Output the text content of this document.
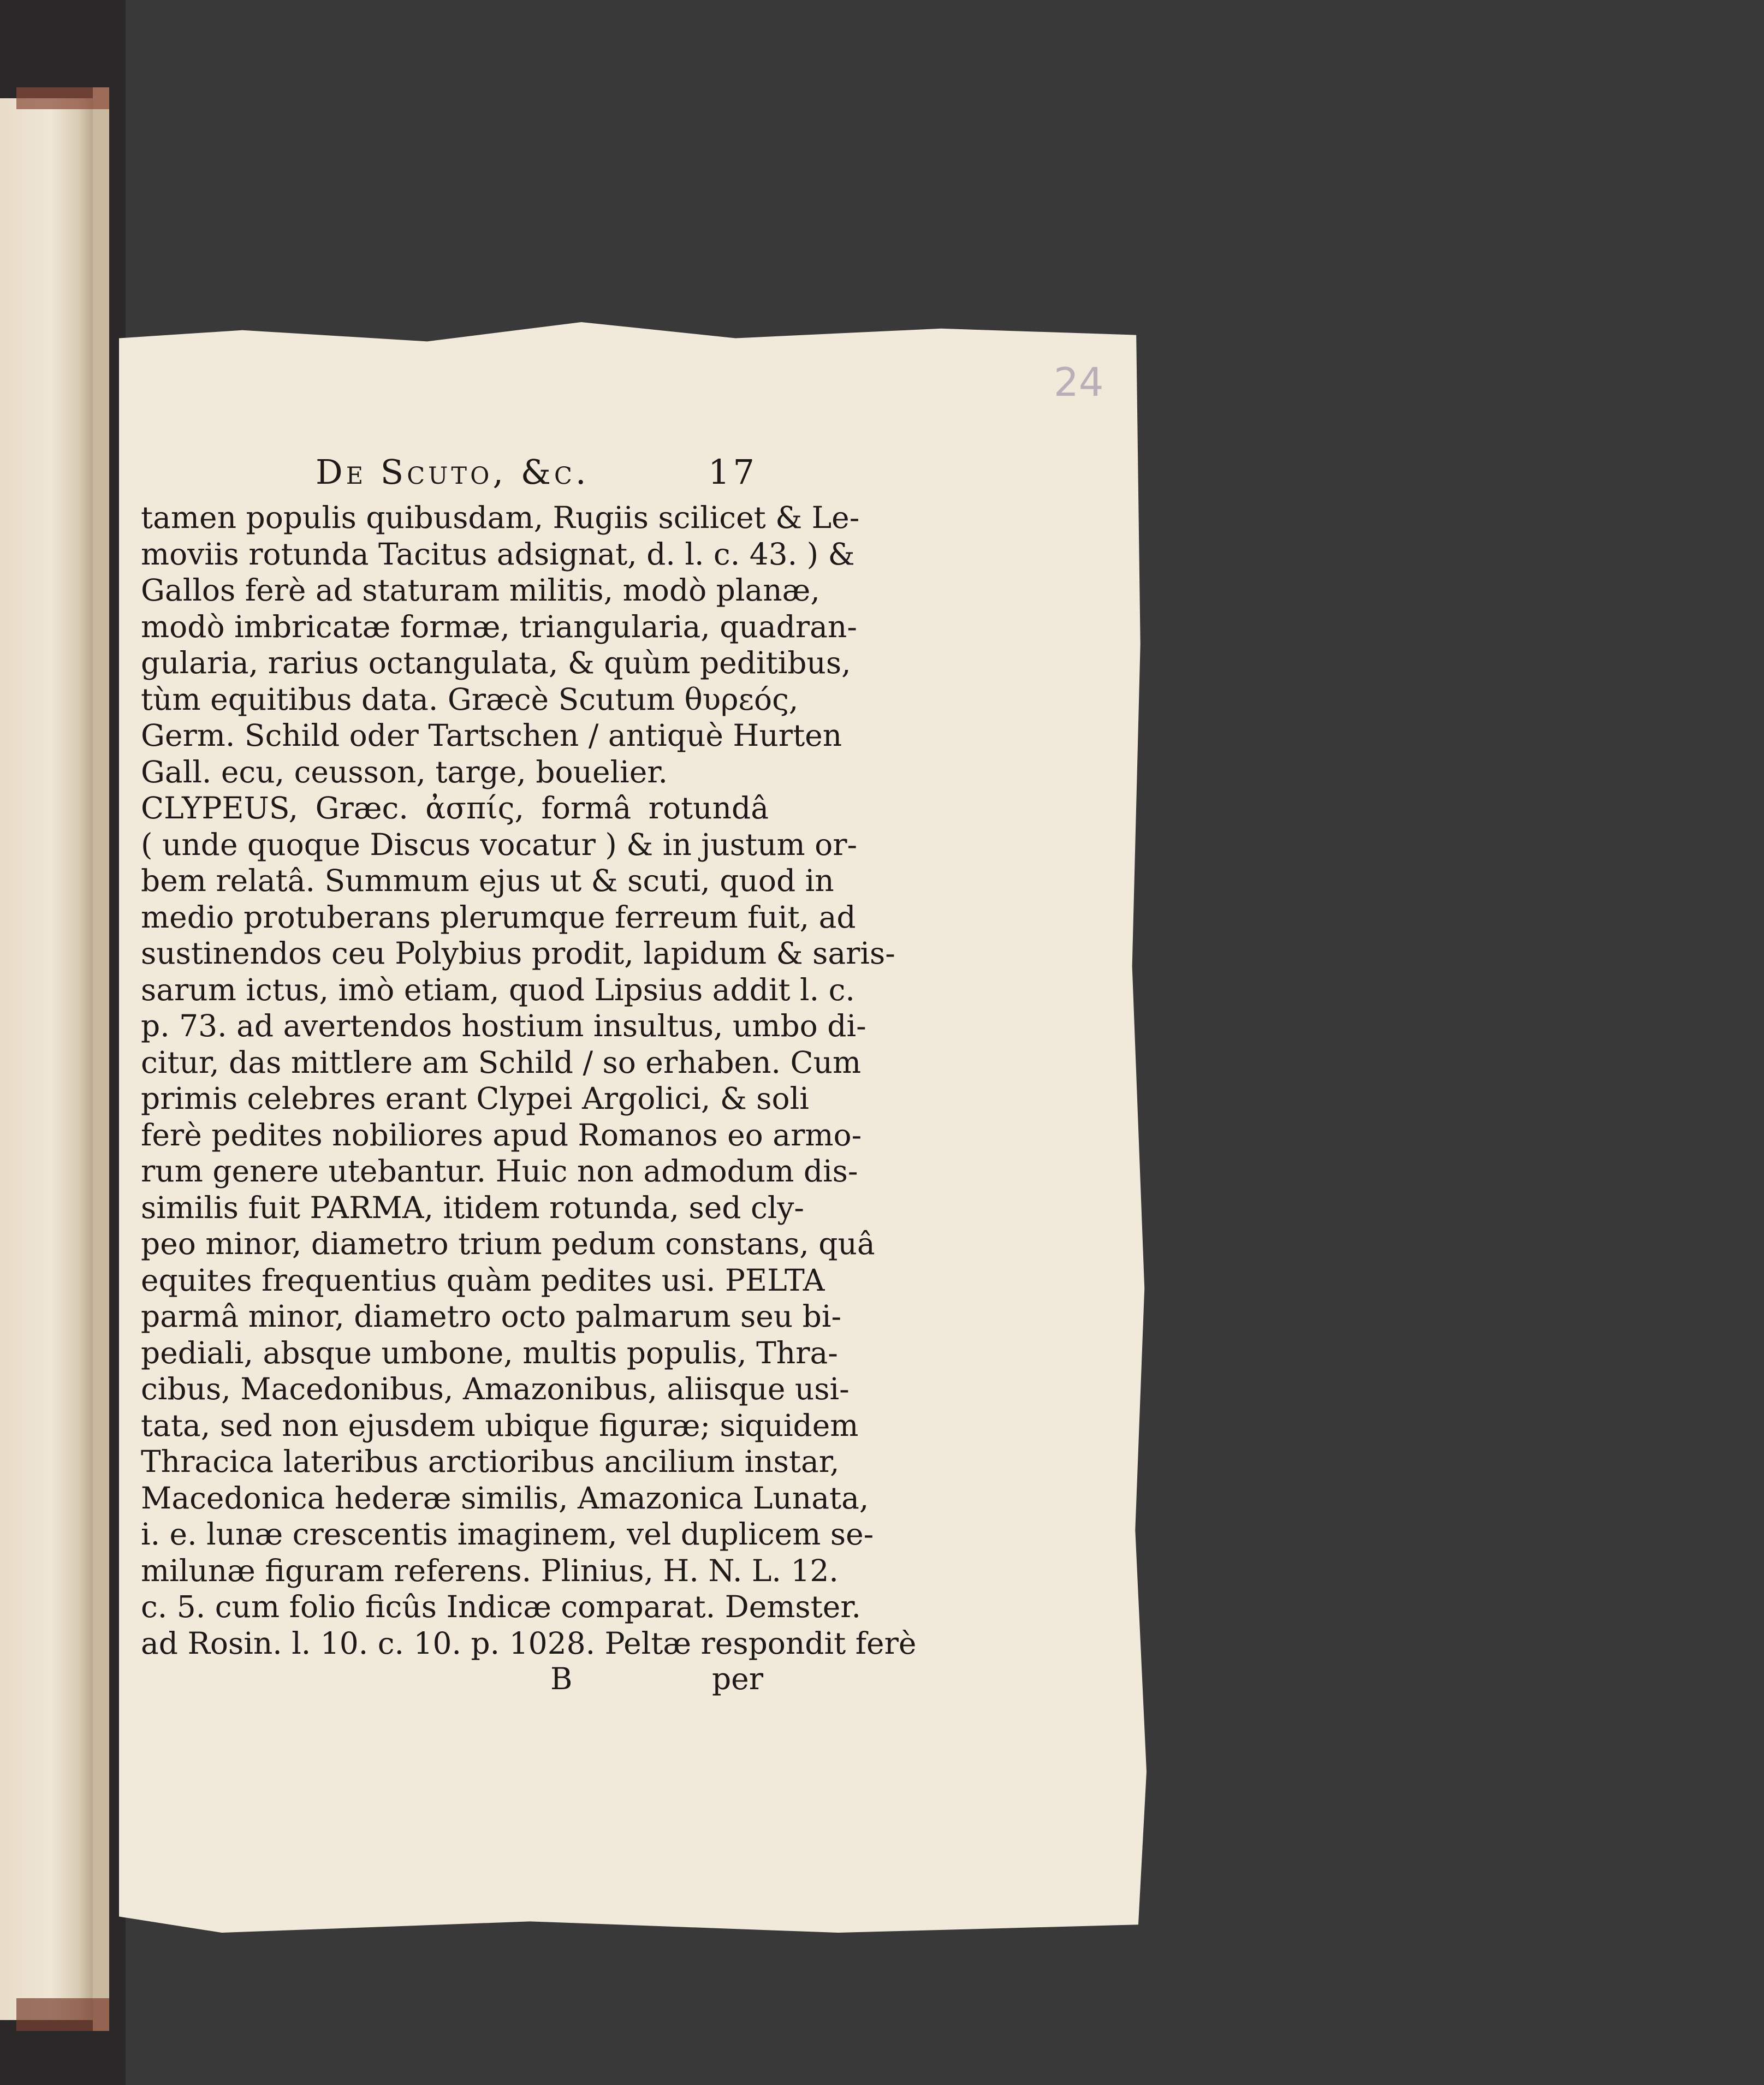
24
De Scuto, &c.	17
tamen populis quibusdam, Rugiis scilicet & Le-
moviis rotunda Tacitus adsignat, d. l. c. 43. ) &
Gallos ferè ad staturam militis, modò planæ,
modò imbricatæ formæ, triangularia, quadran-
gularia, rarius octangulata, & quùm peditibus,
tùm equitibus data. Græcè Scutum θυρεός,
Germ. Schild oder Tartschen / antiquè Hurten
Gall. ecu, ceusson, targe, bouelier.
CLYPEUS, Græc. ἀσπίς, formâ rotundâ
( unde quoque Discus vocatur ) & in justum or-
bem relatâ. Summum ejus ut & scuti, quod in
medio protuberans plerumque ferreum fuit, ad
sustinendos ceu Polybius prodit, lapidum & saris-
sarum ictus, imò etiam, quod Lipsius addit l. c.
p. 73. ad avertendos hostium insultus, umbo di-
citur, das mittlere am Schild / so erhaben. Cum
primis celebres erant Clypei Argolici, & soli
ferè pedites nobiliores apud Romanos eo armo-
rum genere utebantur. Huic non admodum dis-
similis fuit PARMA, itidem rotunda, sed cly-
peo minor, diametro trium pedum constans, quâ
equites frequentius quàm pedites usi. PELTA
parmâ minor, diametro octo palmarum seu bi-
pediali, absque umbone, multis populis, Thra-
cibus, Macedonibus, Amazonibus, aliisque usi-
tata, sed non ejusdem ubique figuræ; siquidem
Thracica lateribus arctioribus ancilium instar,
Macedonica hederæ similis, Amazonica Lunata,
i. e. lunæ crescentis imaginem, vel duplicem se-
milunæ figuram referens. Plinius, H. N. L. 12.
c. 5. cum folio ficûs Indicæ comparat. Demster.
ad Rosin. l. 10. c. 10. p. 1028. Peltæ respondit ferè
B	per
